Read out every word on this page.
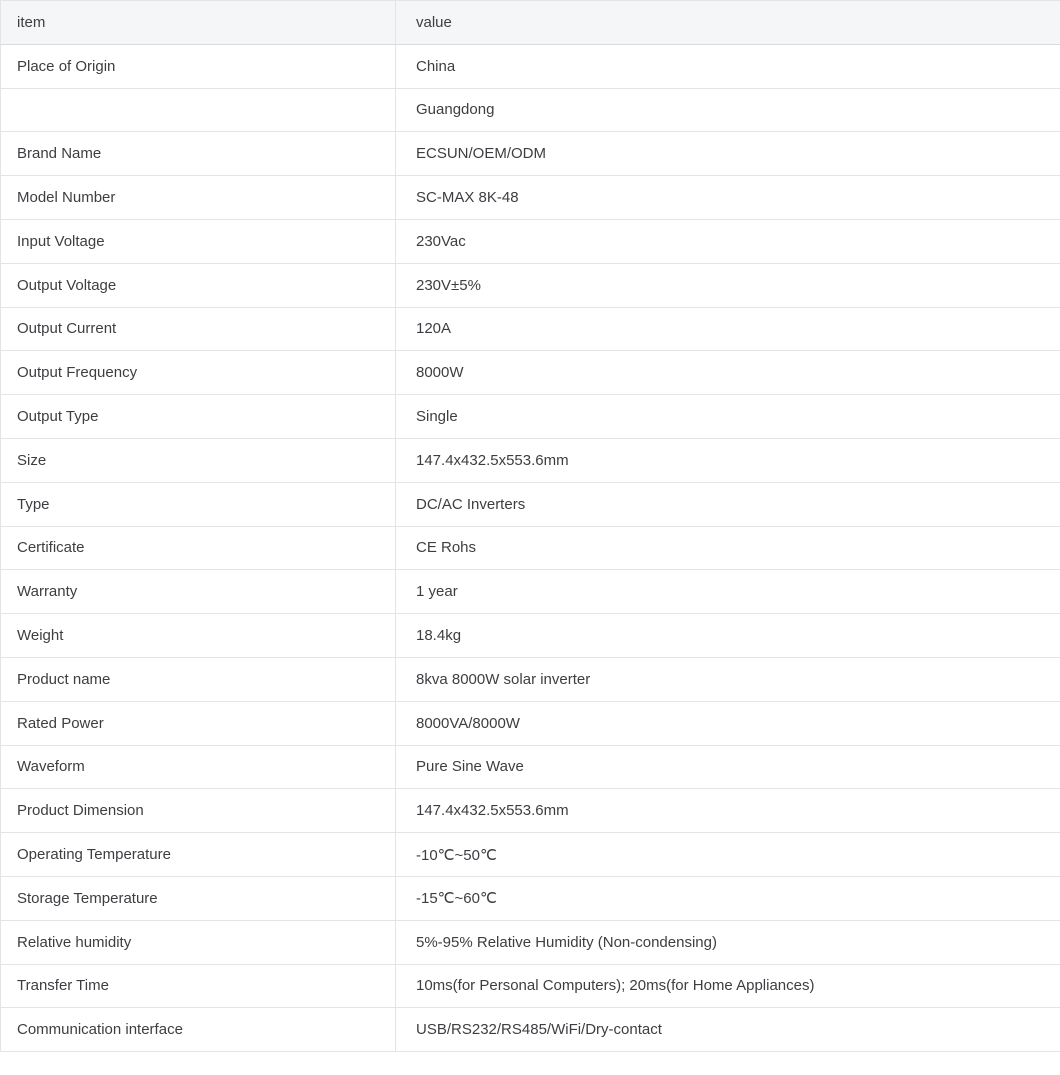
item	value
Place of Origin	China
	Guangdong
Brand Name	ECSUN/OEM/ODM
Model Number	SC-MAX 8K-48
Input Voltage	230Vac
Output Voltage	230V±5%
Output Current	120A
Output Frequency	8000W
Output Type	Single
Size	147.4x432.5x553.6mm
Type	DC/AC Inverters
Certificate	CE Rohs
Warranty	1 year
Weight	18.4kg
Product name	8kva 8000W solar inverter
Rated Power	8000VA/8000W
Waveform	Pure Sine Wave
Product Dimension	147.4x432.5x553.6mm
Operating Temperature	-10℃~50℃
Storage Temperature	-15℃~60℃
Relative humidity	5%-95% Relative Humidity (Non-condensing)
Transfer Time	10ms(for Personal Computers); 20ms(for Home Appliances)
Communication interface	USB/RS232/RS485/WiFi/Dry-contact
